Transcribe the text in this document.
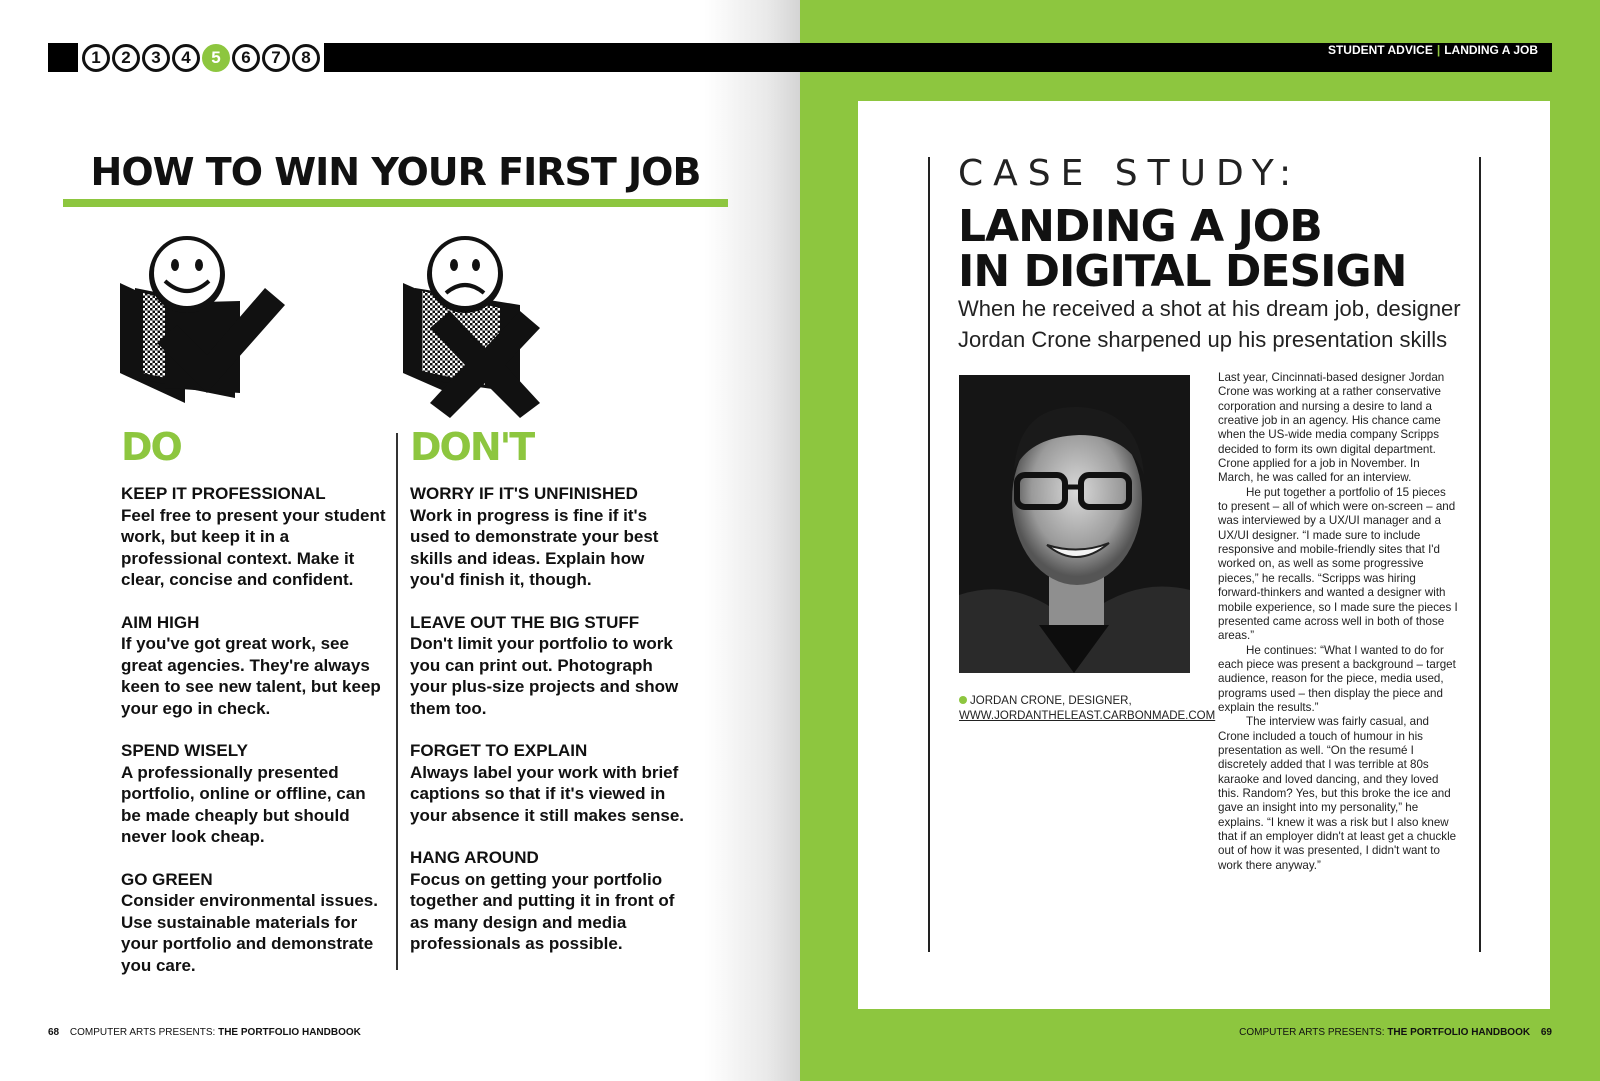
1	2	3	4	5	6	7	8
HOW TO WIN YOUR FIRST JOB
DO
KEEP IT PROFESSIONAL

Feel free to present your student work, but keep it in a professional context. Make it clear, concise and confident.

AIM HIGH

If you've got great work, see great agencies. They're always keen to see new talent, but keep your ego in check.

SPEND WISELY

A professionally presented portfolio, online or offline, can be made cheaply but should never look cheap.

GO GREEN

Consider environmental issues. Use sustainable materials for your portfolio and demonstrate you care.

DON'T
WORRY IF IT'S UNFINISHED

Work in progress is fine if it's used to demonstrate your best skills and ideas. Explain how you'd finish it, though.

LEAVE OUT THE BIG STUFF

Don't limit your portfolio to work you can print out. Photograph your plus-size projects and show them too.

FORGET TO EXPLAIN

Always label your work with brief captions so that if it's viewed in your absence it still makes sense.

HANG AROUND

Focus on getting your portfolio together and putting it in front of as many design and media professionals as possible.

68 COMPUTER ARTS PRESENTS: THE PORTFOLIO HANDBOOK
STUDENT ADVICE | LANDING A JOB
CASE STUDY:
LANDING A JOB
IN DIGITAL DESIGN

When he received a shot at his dream job, designer Jordan Crone sharpened up his presentation skills

JORDAN CRONE, DESIGNER,
WWW.JORDANTHELEAST.CARBONMADE.COM

Last year, Cincinnati-based designer Jordan Crone was working at a rather conservative corporation and nursing a desire to land a creative job in an agency. His chance came when the US-wide media company Scripps decided to form its own digital department. Crone applied for a job in November. In March, he was called for an interview.

He put together a portfolio of 15 pieces to present – all of which were on-screen – and was interviewed by a UX/UI manager and a UX/UI designer. “I made sure to include responsive and mobile-friendly sites that I'd worked on, as well as some progressive pieces,” he recalls. “Scripps was hiring forward-thinkers and wanted a designer with mobile experience, so I made sure the pieces I presented came across well in both of those areas.”

He continues: “What I wanted to do for each piece was present a background – target audience, reason for the piece, media used, programs used – then display the piece and explain the results.”

The interview was fairly casual, and Crone included a touch of humour in his presentation as well. “On the resumé I discretely added that I was terrible at 80s karaoke and loved dancing, and they loved this. Random? Yes, but this broke the ice and gave an insight into my personality,” he explains. “I knew it was a risk but I also knew that if an employer didn't at least get a chuckle out of how it was presented, I didn't want to work there anyway.”

COMPUTER ARTS PRESENTS: THE PORTFOLIO HANDBOOK 69
